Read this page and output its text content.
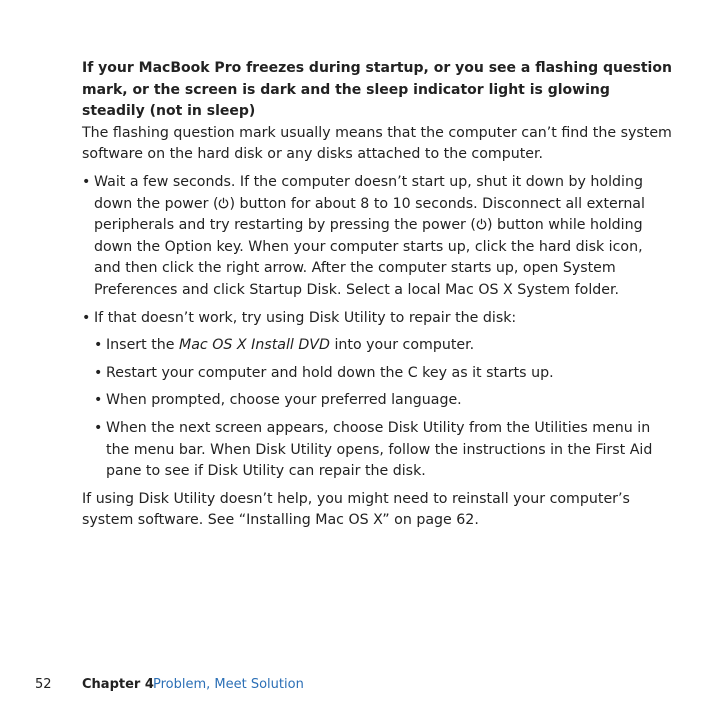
If your MacBook Pro freezes during startup, or you see a flashing question mark, or the screen is dark and the sleep indicator light is glowing steadily (not in sleep)

The flashing question mark usually means that the computer can’t find the system software on the hard disk or any disks attached to the computer.

• Wait a few seconds. If the computer doesn’t start up, shut it down by holding down the power ( ) button for about 8 to 10 seconds. Disconnect all external peripherals and try restarting by pressing the power ( ) button while holding down the Option key. When your computer starts up, click the hard disk icon, and then click the right arrow. After the computer starts up, open System Preferences and click Startup Disk. Select a local Mac OS X System folder.
• If that doesn’t work, try using Disk Utility to repair the disk:
• Insert the Mac OS X Install DVD into your computer.
• Restart your computer and hold down the C key as it starts up.
• When prompted, choose your preferred language.
• When the next screen appears, choose Disk Utility from the Utilities menu in the menu bar. When Disk Utility opens, follow the instructions in the First Aid pane to see if Disk Utility can repair the disk.

If using Disk Utility doesn’t help, you might need to reinstall your computer’s system software. See “Installing Mac OS X” on page 62.

52 Chapter 4 Problem, Meet Solution
